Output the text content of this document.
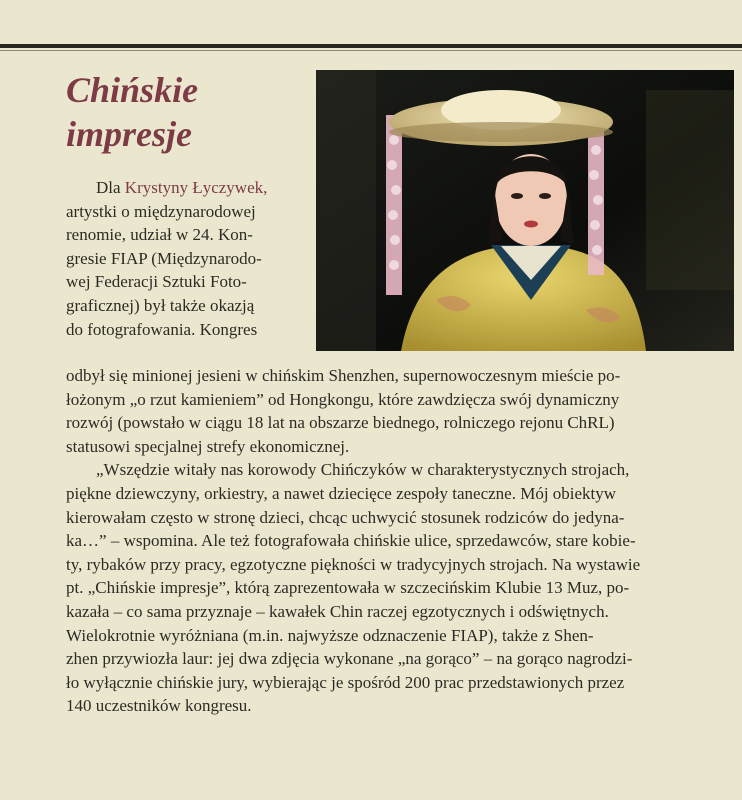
Chińskie
impresje

Dla Krystyny Łyczywek,
artystki o międzynarodowej
renomie, udział w 24. Kon-
gresie FIAP (Międzynarodo-
wej Federacji Sztuki Foto-
graficznej) był także okazją
do fotografowania. Kongres

odbył się minionej jesieni w chińskim Shenzhen, supernowoczesnym mieście po-
łożonym „o rzut kamieniem” od Hongkongu, które zawdzięcza swój dynamiczny
rozwój (powstało w ciągu 18 lat na obszarze biednego, rolniczego rejonu ChRL)
statusowi specjalnej strefy ekonomicznej.

„Wszędzie witały nas korowody Chińczyków w charakterystycznych strojach,
piękne dziewczyny, orkiestry, a nawet dziecięce zespoły taneczne. Mój obiektyw
kierowałam często w stronę dzieci, chcąc uchwycić stosunek rodziców do jedyna-
ka…” – wspomina. Ale też fotografowała chińskie ulice, sprzedawców, stare kobie-
ty, rybaków przy pracy, egzotyczne piękności w tradycyjnych strojach. Na wystawie
pt. „Chińskie impresje”, którą zaprezentowała w szczecińskim Klubie 13 Muz, po-
kazała – co sama przyznaje – kawałek Chin raczej egzotycznych i odświętnych.
Wielokrotnie wyróżniana (m.in. najwyższe odznaczenie FIAP), także z Shen-
zhen przywiozła laur: jej dwa zdjęcia wykonane „na gorąco” – na gorąco nagrodzi-
ło wyłącznie chińskie jury, wybierając je spośród 200 prac przedstawionych przez
140 uczestników kongresu.
